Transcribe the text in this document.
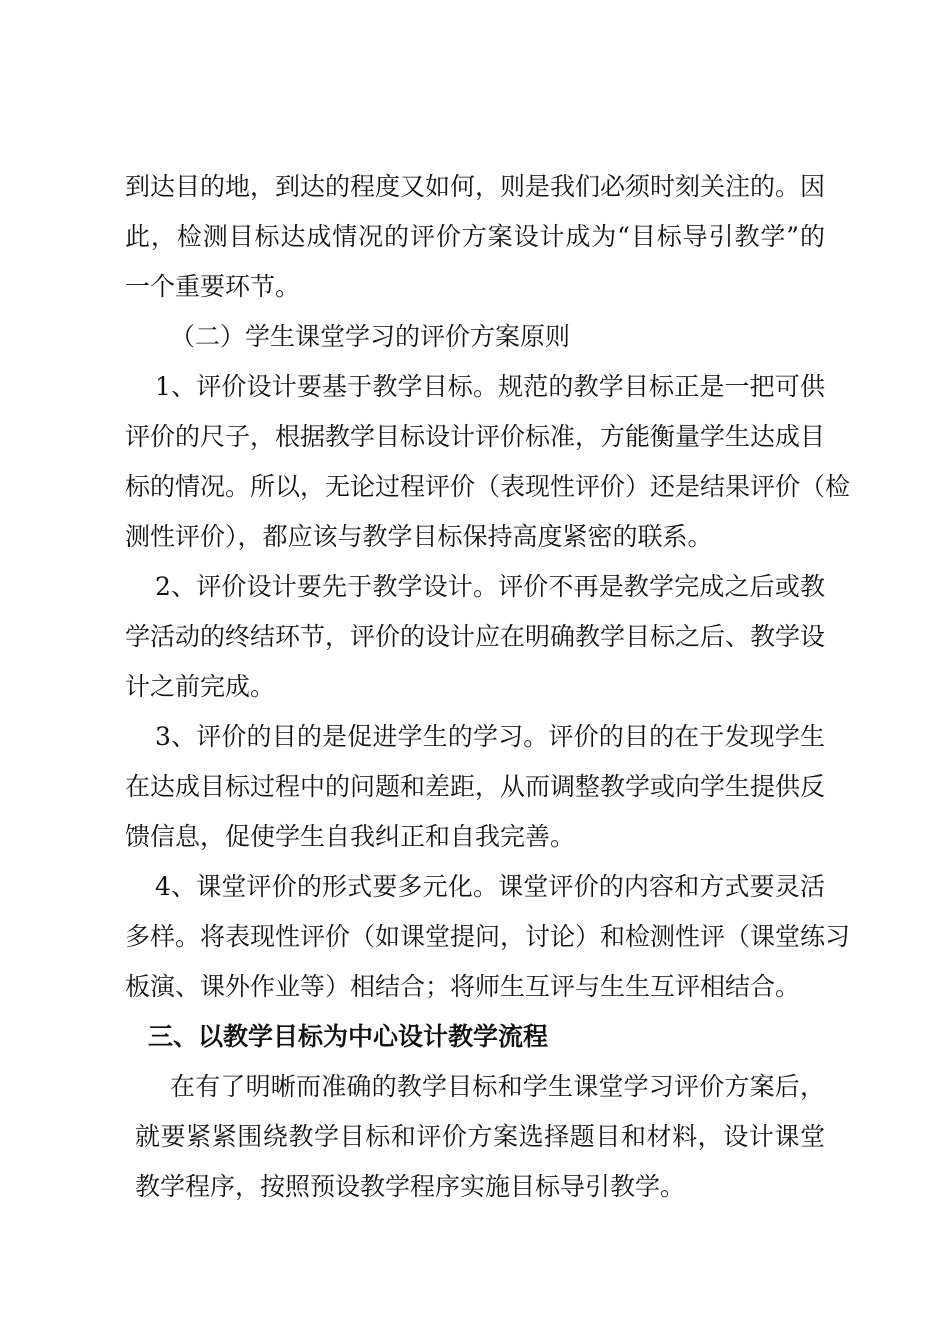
到达目的地，到达的程度又如何，则是我们必须时刻关注的。因
此，检测目标达成情况的评价方案设计成为“目标导引教学”的
一个重要环节。
（二）学生课堂学习的评价方案原则
1、评价设计要基于教学目标。规范的教学目标正是一把可供
评价的尺子，根据教学目标设计评价标准，方能衡量学生达成目
标的情况。所以，无论过程评价（表现性评价）还是结果评价（检
测性评价），都应该与教学目标保持高度紧密的联系。
2、评价设计要先于教学设计。评价不再是教学完成之后或教
学活动的终结环节，评价的设计应在明确教学目标之后、教学设
计之前完成。
3、评价的目的是促进学生的学习。评价的目的在于发现学生
在达成目标过程中的问题和差距，从而调整教学或向学生提供反
馈信息，促使学生自我纠正和自我完善。
4、课堂评价的形式要多元化。课堂评价的内容和方式要灵活
多样。将表现性评价（如课堂提问，讨论）和检测性评（课堂练习
板演、课外作业等）相结合；将师生互评与生生互评相结合。
三、以教学目标为中心设计教学流程
在有了明晰而准确的教学目标和学生课堂学习评价方案后，
就要紧紧围绕教学目标和评价方案选择题目和材料，设计课堂
教学程序，按照预设教学程序实施目标导引教学。
